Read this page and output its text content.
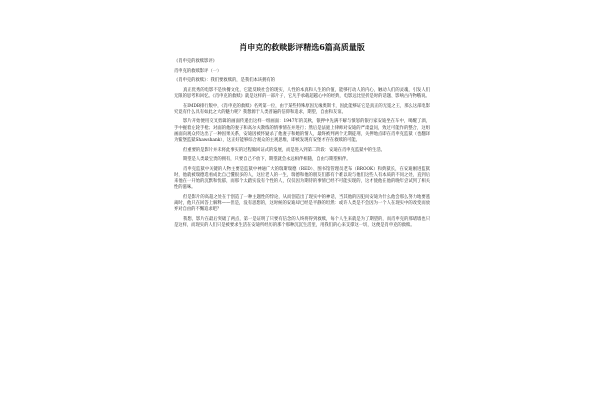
肖申克的救赎影评精选6篇高质量版

《肖申克的救赎影评》

肖申克的救赎影评（一）

《肖申克的救赎》：我们要救赎的，是我们本该拥有的

真正优秀的电影不是快餐文化，它能反映社会的现实，人性的本真和人生的价值，能够打动人的内心，触动人们的灵魂，引发人们无限的思考和回忆。《肖申克的救赎》就是这样的一部片子，它凡手承载超越心中的经典，电影远比里折是时的话题、影响古内物哦说。

在IMDB排行版中，《肖申克的救赎》名列第一位，由于某些特殊原因无缘奥斯卡，因此能够证它是真正的无冕之王，那么这部电影究竟有什么具有如此之大的魅力呢？我想源于人类普遍的信仰和追求，期望，自由和友谊。

影片开始便用交叉剪辑的画面传递出这样一组画面：1947年的美秋，银押中先满不解与愤怒的银行家安迪坐在车中，喝醒了酒，手中握着左轮手枪；对面的他的妻子和高尔夫教练的情事情在并进行；然后是法庭上律师对安迪的严肃盘问，致过可能作的整合，这组画面向观众传达出了一种因果关系，安迪因被怀疑杀了他妻子和她的情人，最终被判两个无期徒刑，关押地点即在肖申克监狱（也翻译为鲨堡监狱Shawshank），这正好能够综合观众的主观思维，即被发现有安堡才存在救赎的可能。

但重要的是影片并未将此事实的过程做回证式的发展，而是进入到第二阶段：安迪在肖申克监狱中的生活。

期望是人类最宝贵的拥有，只要自己不放下，期望就会永远相伴相随，自由与期望相伴。

肖申克监狱中关键的人物主要是监狱中神通广大的瑞斯瑞德（RED）、图书馆管理员老布（BROOK）和典狱长，在安迪刚进监狱时，他就被瑞德选看成比自己懂很多的人，这位老人的一生，瑞德和他的朋友们都有个难以说与他们这些人有本质的不同之处，直到后来他在一开始的沉默和忧郁，而那个太踏实没有个性的人，仅仅因为期待的事情已经不可能实现的，这才使他在他的晚年尝试到了相关性的滋味。

但是影片的高超之处在于创造了一种主题性的悖论，从而创造出了现实中的神话，当其他的囚犯问安迪为什么他会那么努力地要逃离时，他只在回答上解释——但是，没有思想的，这时候的安迪却已经是平静的坦然：或许人类是不会因为一个人在现实中的改变而放弃对自由的不懈追求吧？

我想，影片在最后突破了两点，第一是证明了只要有信念的人终将得到救赎，每个人生来就是为了期望的，而肖申克的那堵墙也只是这样，而现实的人们只是被要求生活在安迪所经历的那个那种沉沉生活里，用我们的心来支撑这一切，这便是肖申克的救赎。
